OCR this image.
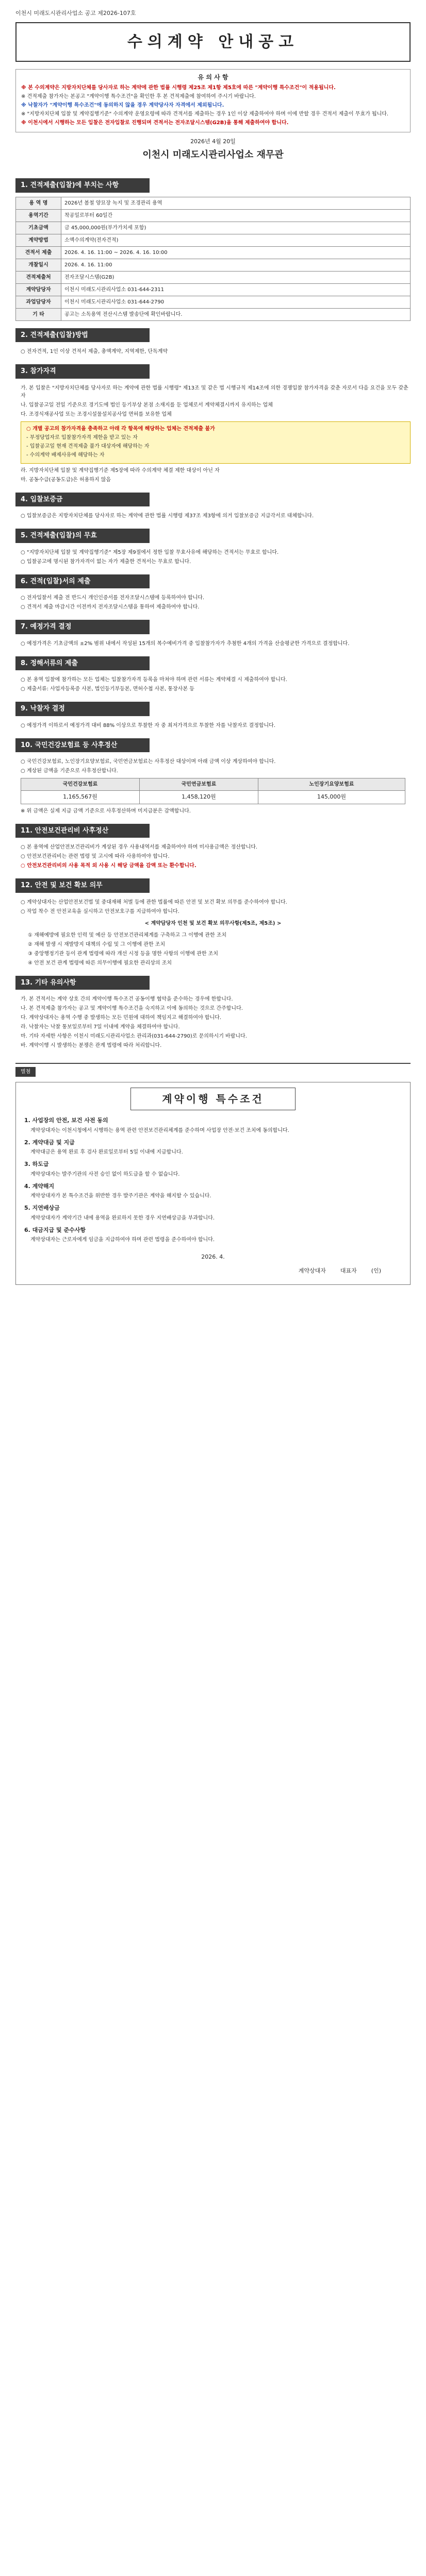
이천시 미래도시관리사업소 공고 제2026-107호
수의계약 안내공고
유 의 사 항

※ 본 수의계약은 지방자치단체를 당사자로 하는 계약에 관한 법률 시행령 제25조 제1항 제5호에 따른 "계약이행 특수조건"이 적용됩니다.

※ 견적제출 참가자는 본공고 "계약이행 특수조건"을 확인한 후 본 견적제출에 참여하여 주시기 바랍니다.

※ 낙찰자가 "계약이행 특수조건"에 동의하지 않을 경우 계약당사자 자격에서 제외됩니다.

※ "지방자치단체 입찰 및 계약집행기준" 수의계약 운영요령에 따라 견적서를 제출하는 경우 1인 이상 제출하여야 하며 이에 반할 경우 견적서 제출이 무효가 됩니다.

※ 이천시에서 시행하는 모든 입찰은 전자입찰로 진행되며 견적서는 전자조달시스템(G2B)을 통해 제출하여야 합니다.

2026년 4월 20일
이천시 미래도시관리사업소 재무관
1. 견적제출(입찰)에 부치는 사항
용 역 명	2026년 봄철 양묘장 녹지 및 조경관리 용역
용역기간	착공일로부터 60일간
기초금액	금 45,000,000원(부가가치세 포함)
계약방법	소액수의계약(전자견적)
견적서 제출	2026. 4. 16. 11:00 ~ 2026. 4. 16. 10:00
개찰일시	2026. 4. 16. 11:00
견적제출처	전자조달시스템(G2B)
계약담당자	이천시 미래도시관리사업소 031-644-2311
과업담당자	이천시 미래도시관리사업소 031-644-2790
기 타	공고는 소독용역 전산시스템 발송단에 확인바랍니다.
2. 견적제출(입찰)방법

○ 전자견적, 1인 이상 견적서 제출, 총액계약, 지역제한, 단독계약

3. 참가자격

가. 본 입찰은 "지방자치단체를 당사자로 하는 계약에 관한 법률 시행령" 제13조 및 같은 법 시행규칙 제14조에 의한 경쟁입찰 참가자격을 갖춘 자로서 다음 요건을 모두 갖춘 자

나. 입찰공고일 전일 기준으로 경기도에 법인 등기부상 본점 소재지를 둔 업체로서 계약체결시까지 유지하는 업체

다. 조경식재공사업 또는 조경시설물설치공사업 면허를 보유한 업체

○ 개별 공고의 참가자격을 충족하고 아래 각 항목에 해당하는 업체는 견적제출 불가

- 부정당업자로 입찰참가자격 제한을 받고 있는 자

- 입찰공고일 현재 견적제출 불가 대상자에 해당하는 자

- 수의계약 배제사유에 해당하는 자

라. 지방자치단체 입찰 및 계약집행기준 제5장에 따라 수의계약 체결 제한 대상이 아닌 자

마. 공동수급(공동도급)은 허용하지 않음

4. 입찰보증금

○ 입찰보증금은 지방자치단체를 당사자로 하는 계약에 관한 법률 시행령 제37조 제3항에 의거 입찰보증금 지급각서로 대체합니다.

5. 견적제출(입찰)의 무효

○ "지방자치단체 입찰 및 계약집행기준" 제5장 제9절에서 정한 입찰 무효사유에 해당하는 견적서는 무효로 합니다.

○ 입찰공고에 명시된 참가자격이 없는 자가 제출한 견적서는 무효로 합니다.

6. 견적(입찰)서의 제출

○ 전자입찰서 제출 전 반드시 개인인증서를 전자조달시스템에 등록하여야 합니다.

○ 견적서 제출 마감시간 이전까지 전자조달시스템을 통하여 제출하여야 합니다.

7. 예정가격 결정

○ 예정가격은 기초금액의 ±2% 범위 내에서 작성된 15개의 복수예비가격 중 입찰참가자가 추첨한 4개의 가격을 산술평균한 가격으로 결정합니다.

8. 정해서류의 제출

○ 본 용역 입찰에 참가하는 모든 업체는 입찰참가자격 등록을 마쳐야 하며 관련 서류는 계약체결 시 제출하여야 합니다.

○ 제출서류: 사업자등록증 사본, 법인등기부등본, 면허수첩 사본, 통장사본 등

9. 낙찰자 결정

○ 예정가격 이하로서 예정가격 대비 88% 이상으로 투찰한 자 중 최저가격으로 투찰한 자를 낙찰자로 결정합니다.

10. 국민건강보험료 등 사후정산

○ 국민건강보험료, 노인장기요양보험료, 국민연금보험료는 사후정산 대상이며 아래 금액 이상 계상하여야 합니다.

○ 계상된 금액을 기준으로 사후정산합니다.

국민건강보험료	국민연금보험료	노인장기요양보험료
1,165,567원	1,458,120원	145,000원

※ 위 금액은 실제 지급 금액 기준으로 사후정산하며 미지급분은 감액합니다.

11. 안전보건관리비 사후정산

○ 본 용역에 산업안전보건관리비가 계상된 경우 사용내역서를 제출하여야 하며 미사용금액은 정산합니다.

○ 안전보건관리비는 관련 법령 및 고시에 따라 사용하여야 합니다.

○ 안전보건관리비의 사용 목적 외 사용 시 해당 금액을 감액 또는 환수합니다.

12. 안전 및 보건 확보 의무

○ 계약상대자는 산업안전보건법 및 중대재해 처벌 등에 관한 법률에 따른 안전 및 보건 확보 의무를 준수하여야 합니다.

○ 작업 착수 전 안전교육을 실시하고 안전보호구를 지급하여야 합니다.

< 계약담당자 인천 및 보건 확보 의무사항(제5조, 제5조) >

① 재해예방에 필요한 인력 및 예산 등 안전보건관리체계를 구축하고 그 이행에 관한 조치

② 재해 발생 시 재발방지 대책의 수립 및 그 이행에 관한 조치

③ 중앙행정기관 등이 관계 법령에 따라 개선 시정 등을 명한 사항의 이행에 관한 조치

④ 안전 보건 관계 법령에 따른 의무이행에 필요한 관리상의 조치

13. 기타 유의사항

가. 본 견적서는 계약 상호 간의 계약이행 특수조건 공동이행 협약을 준수하는 경우에 한합니다.

나. 본 견적제출 참가자는 공고 및 계약이행 특수조건을 숙지하고 이에 동의하는 것으로 간주합니다.

다. 계약상대자는 용역 수행 중 발생하는 모든 민원에 대하여 책임지고 해결하여야 합니다.

라. 낙찰자는 낙찰 통보일로부터 7일 이내에 계약을 체결하여야 합니다.

마. 기타 자세한 사항은 이천시 미래도시관리사업소 관리과(031-644-2790)로 문의하시기 바랍니다.

바. 계약이행 시 발생하는 분쟁은 관계 법령에 따라 처리합니다.

별첨
계약이행 특수조건
1. 사업장의 안전, 보건 사전 동의

계약상대자는 이천시청에서 시행하는 용역 관련 안전보건관리체계를 준수하며 사업장 안전·보건 조치에 동의합니다.

2. 계약대금 및 지급

계약대금은 용역 완료 후 검사 완료일로부터 5일 이내에 지급합니다.

3. 하도급

계약상대자는 발주기관의 사전 승인 없이 하도급을 할 수 없습니다.

4. 계약해지

계약상대자가 본 특수조건을 위반한 경우 발주기관은 계약을 해지할 수 있습니다.

5. 지연배상금

계약상대자가 계약기간 내에 용역을 완료하지 못한 경우 지연배상금을 부과합니다.

6. 대금지급 및 준수사항

계약상대자는 근로자에게 임금을 지급하여야 하며 관련 법령을 준수하여야 합니다.

2026. 4.
계약상대자	대표자	(인)
